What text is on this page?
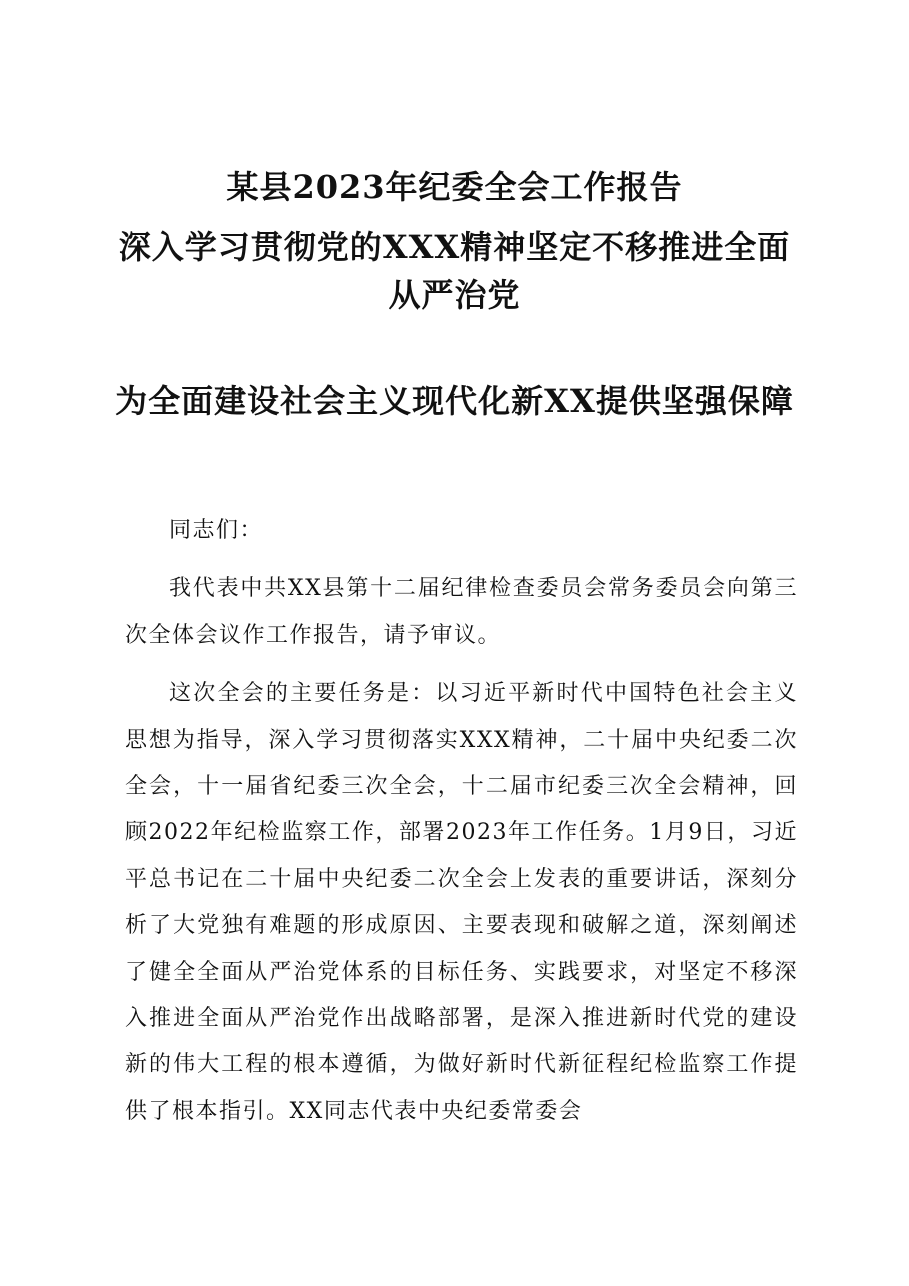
某县2023年纪委全会工作报告
深入学习贯彻党的XXX精神坚定不移推进全面从严治党
为全面建设社会主义现代化新XX提供坚强保障

同志们：

我代表中共XX县第十二届纪律检查委员会常务委员会向第三次全体会议作工作报告，请予审议。

这次全会的主要任务是：以习近平新时代中国特色社会主义思想为指导，深入学习贯彻落实XXX精神，二十届中央纪委二次全会，十一届省纪委三次全会，十二届市纪委三次全会精神，回顾2022年纪检监察工作，部署2023年工作任务。1月9日，习近平总书记在二十届中央纪委二次全会上发表的重要讲话，深刻分析了大党独有难题的形成原因、主要表现和破解之道，深刻阐述了健全全面从严治党体系的目标任务、实践要求，对坚定不移深入推进全面从严治党作出战略部署，是深入推进新时代党的建设新的伟大工程的根本遵循，为做好新时代新征程纪检监察工作提供了根本指引。XX同志代表中央纪委常委会
